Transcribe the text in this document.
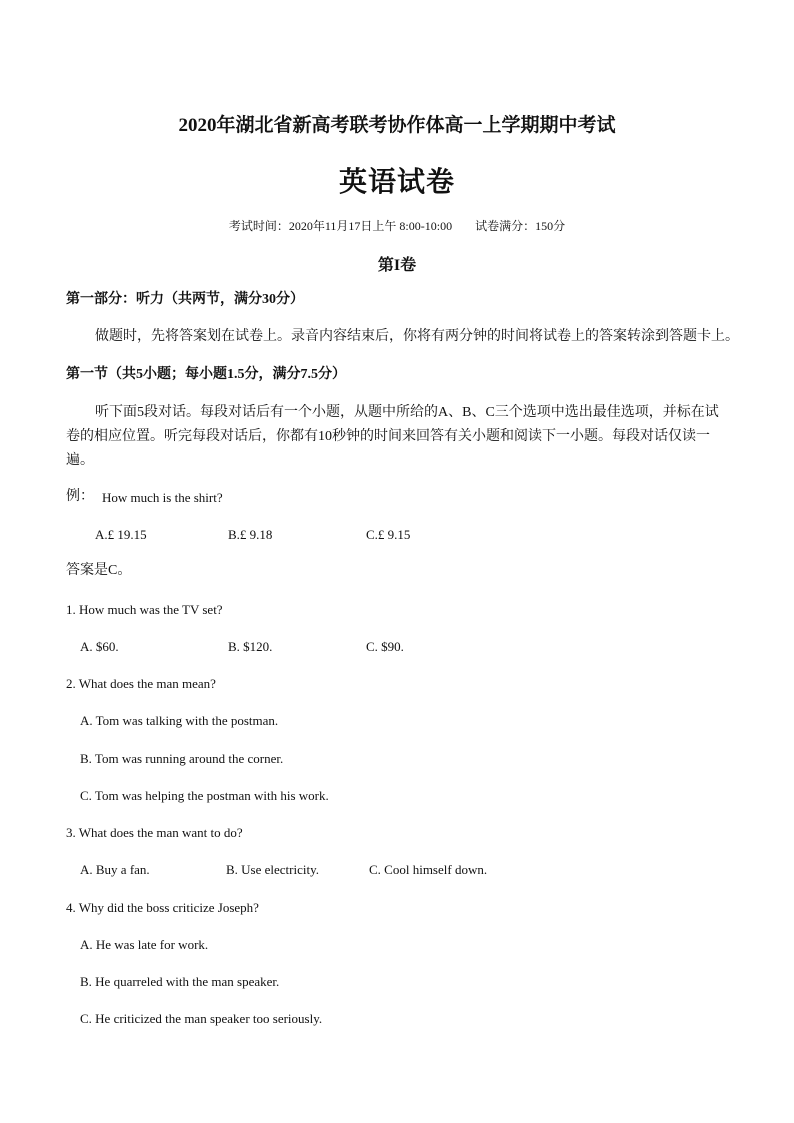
2020年湖北省新高考联考协作体高一上学期期中考试
英语试卷
考试时间：2020年11月17日上午 8:00-10:00 试卷满分：150分
第I卷
第一部分：听力（共两节，满分30分）
做题时，先将答案划在试卷上。录音内容结束后，你将有两分钟的时间将试卷上的答案转涂到答题卡上。
第一节（共5小题；每小题1.5分，满分7.5分）
听下面5段对话。每段对话后有一个小题，从题中所给的A、B、C三个选项中选出最佳选项，并标在试卷的相应位置。听完每段对话后，你都有10秒钟的时间来回答有关小题和阅读下一小题。每段对话仅读一遍。
例： How much is the shirt?
A.£ 19.15	B.£ 9.18	C.£ 9.15
答案是C。
1. How much was the TV set?
A. $60.	B. $120.	C. $90.
2. What does the man mean?
A. Tom was talking with the postman.
B. Tom was running around the corner.
C. Tom was helping the postman with his work.
3. What does the man want to do?
A. Buy a fan.	B. Use electricity.	C. Cool himself down.
4. Why did the boss criticize Joseph?
A. He was late for work.
B. He quarreled with the man speaker.
C. He criticized the man speaker too seriously.
